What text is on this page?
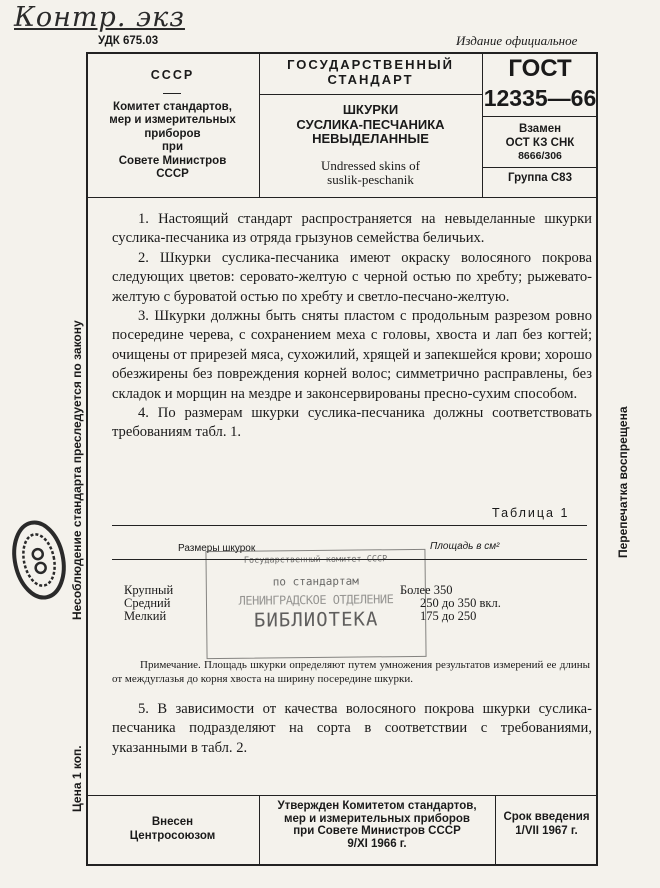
Контр. экз
УДК 675.03	Издание официальное
СССР
Комитет стандартов,
мер и измерительных
приборов
при
Совете Министров
СССР
ГОСУДАРСТВЕННЫЙ
СТАНДАРТ
ШКУРКИ
СУСЛИКА-ПЕСЧАНИКА
НЕВЫДЕЛАННЫЕ
Undressed skins of
suslik-peschanik
ГОСТ
12335—66
Взамен
ОСТ КЗ СНК
8666/306
Группа C83
1. Настоящий стандарт распространяется на невыделанные шкурки суслика-песчаника из отряда грызунов семейства беличьих.
2. Шкурки суслика-песчаника имеют окраску волосяного покрова следующих цветов: серовато-желтую с черной остью по хребту; рыжевато-желтую с буроватой остью по хребту и светло-песчано-желтую.
3. Шкурки должны быть сняты пластом с продольным разрезом ровно посередине черева, с сохранением меха с головы, хвоста и лап без когтей; очищены от прирезей мяса, сухожилий, хрящей и запекшейся крови; хорошо обезжирены без повреждения корней волос; симметрично расправлены, без складок и морщин на мездре и законсервированы пресно-сухим способом.
4. По размерам шкурки суслика-песчаника должны соответствовать требованиям табл. 1.
Таблица 1
Размеры шкурок	Площадь в см²
Крупный	Более 350
Средний	250 до 350 вкл.
Мелкий	175 до 250
Государственный комитет СССР
по стандартам
ЛЕНИНГРАДСКОЕ ОТДЕЛЕНИЕ
БИБЛИОТЕКА
Примечание. Площадь шкурки определяют путем умножения результатов измерений ее длины от междуглазья до корня хвоста на ширину посередине шкурки.
5. В зависимости от качества волосяного покрова шкурки суслика-песчаника подразделяют на сорта в соответствии с требованиями, указанными в табл. 2.
Внесен
Центросоюзом
Утвержден Комитетом стандартов,
мер и измерительных приборов
при Совете Министров СССР
9/XI 1966 г.
Срок введения
1/VII 1967 г.
Несоблюдение стандарта преследуется по закону
Цена 1 коп.
Перепечатка воспрещена
